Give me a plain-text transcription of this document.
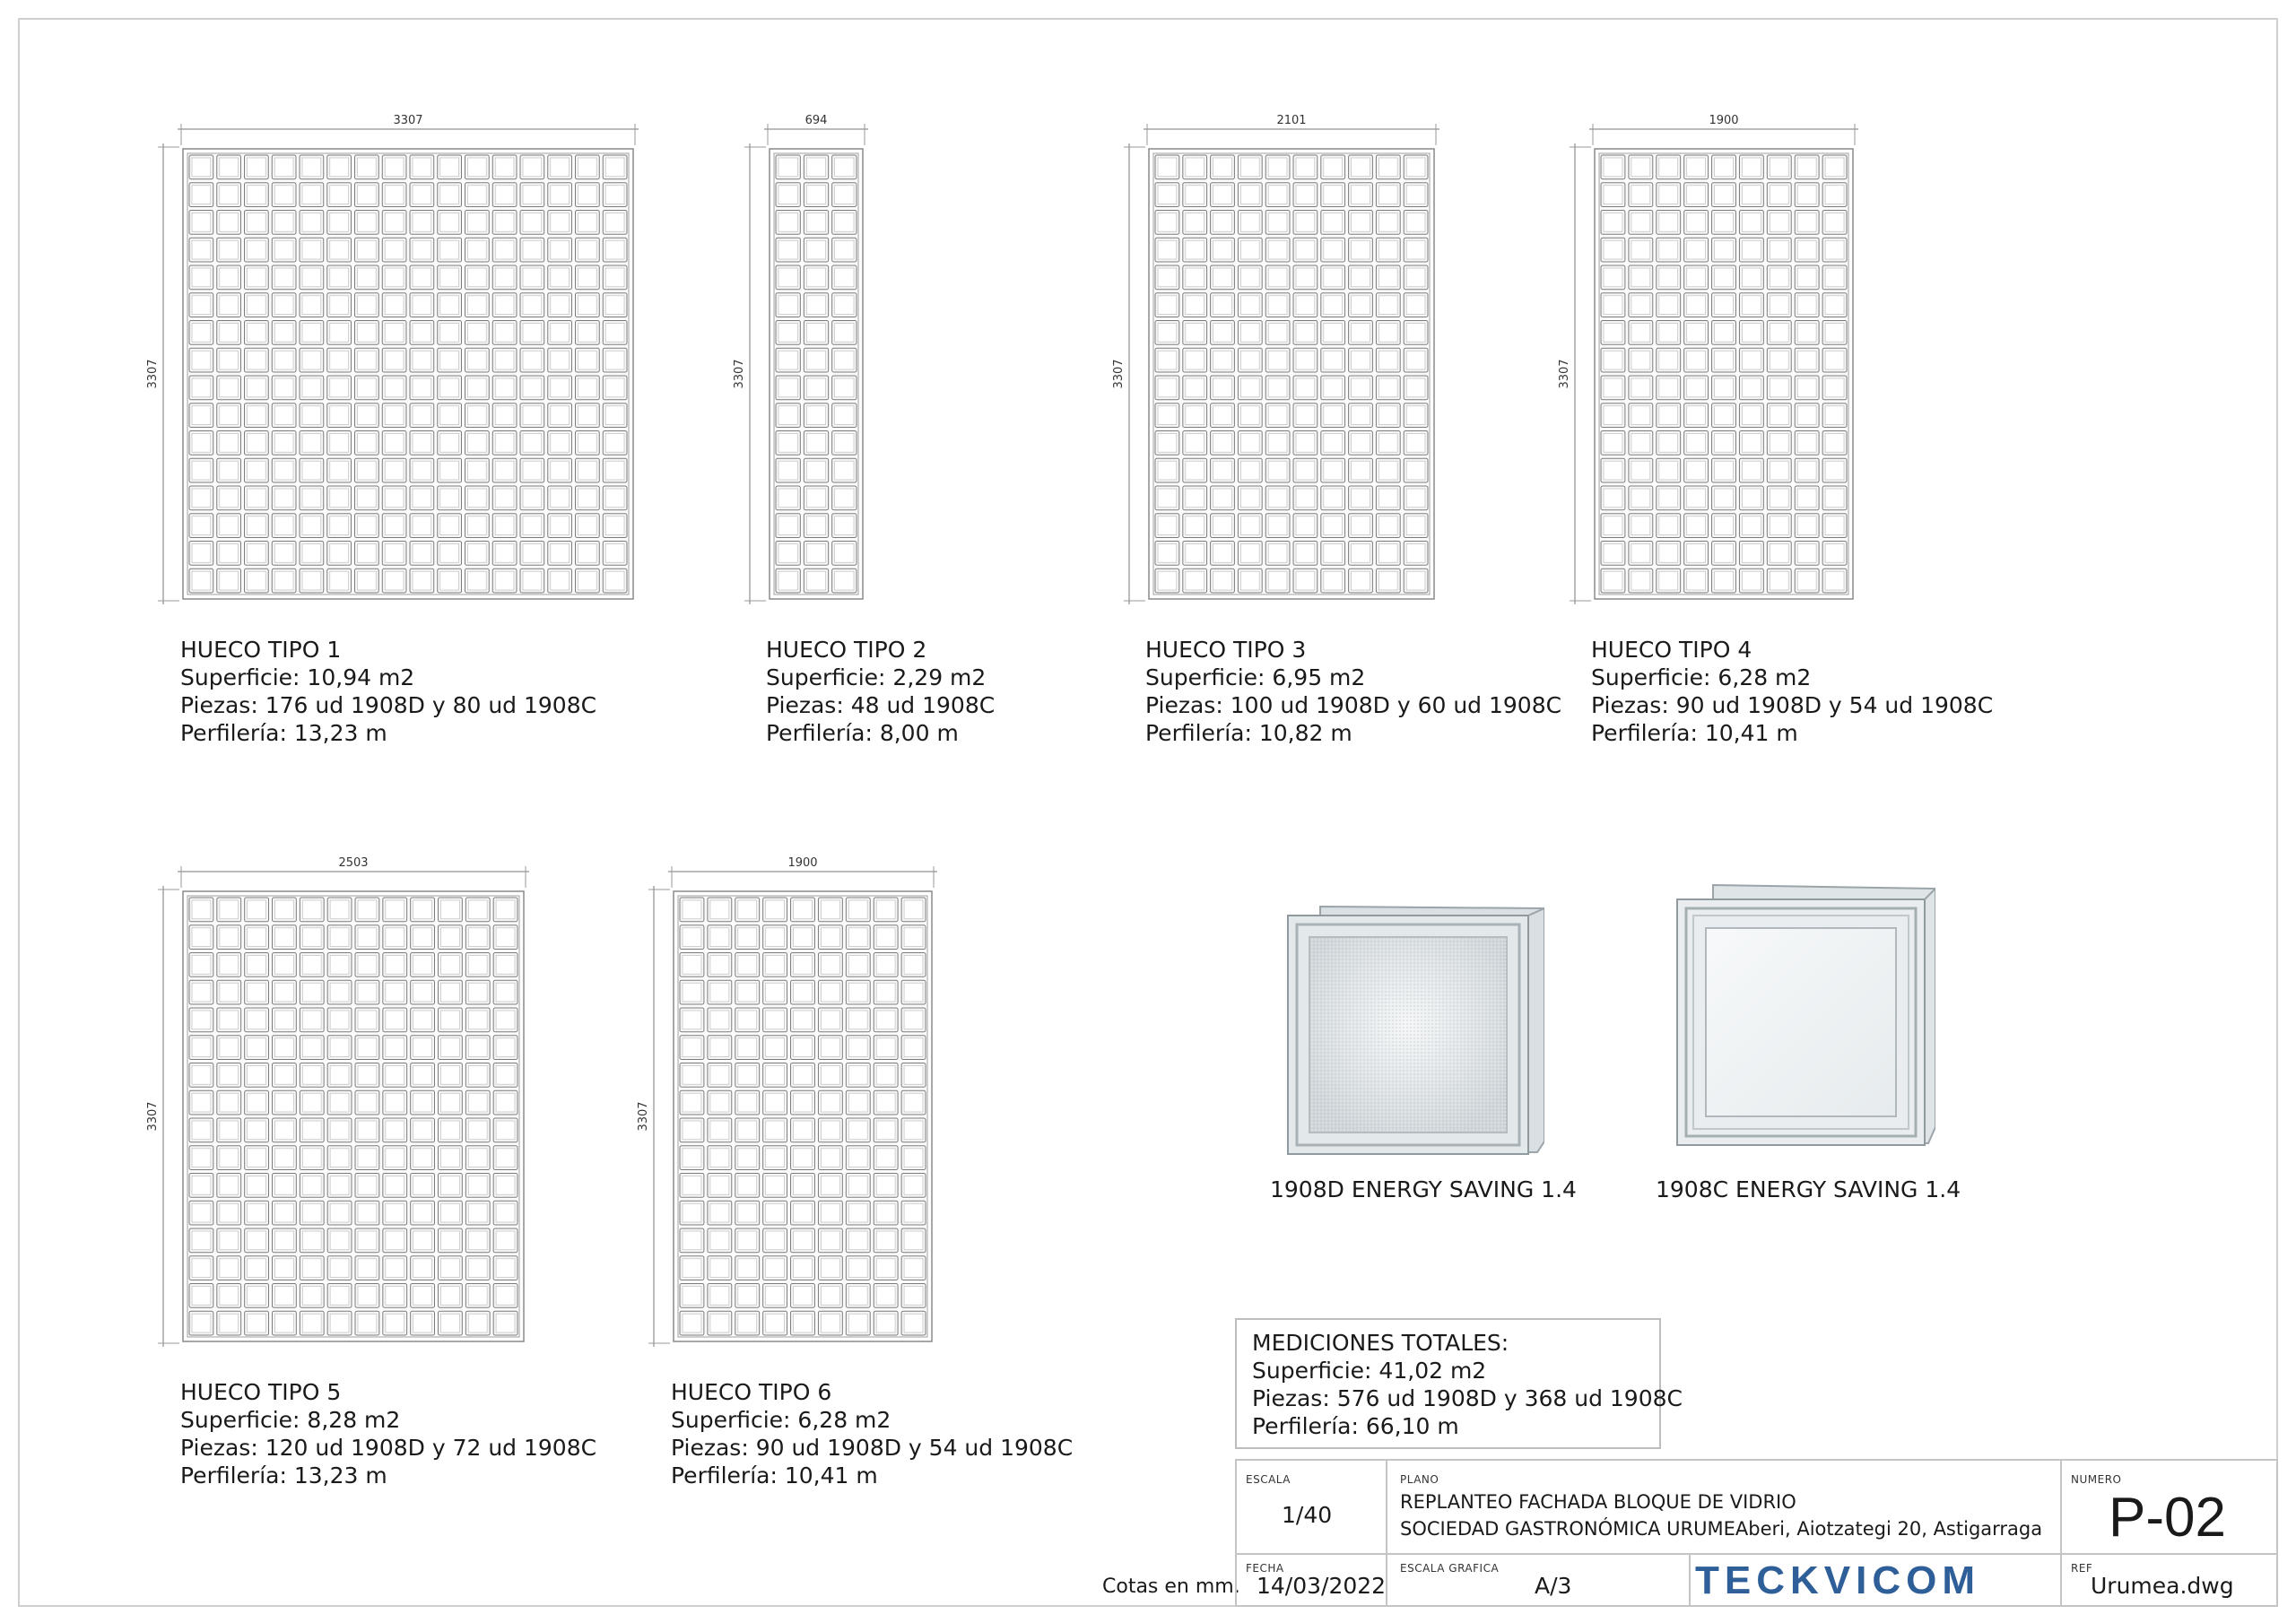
3307
3307
694
3307
2101
3307
1900
3307
2503
3307
1900
3307
HUECO TIPO 1
Superficie: 10,94 m2
Piezas: 176 ud 1908D y 80 ud 1908C
Perfilería: 13,23 m
HUECO TIPO 2
Superficie: 2,29 m2
Piezas: 48 ud 1908C
Perfilería: 8,00 m
HUECO TIPO 3
Superficie: 6,95 m2
Piezas: 100 ud 1908D y 60 ud 1908C
Perfilería: 10,82 m
HUECO TIPO 4
Superficie: 6,28 m2
Piezas: 90 ud 1908D y 54 ud 1908C
Perfilería: 10,41 m
HUECO TIPO 5
Superficie: 8,28 m2
Piezas: 120 ud 1908D y 72 ud 1908C
Perfilería: 13,23 m
HUECO TIPO 6
Superficie: 6,28 m2
Piezas: 90 ud 1908D y 54 ud 1908C
Perfilería: 10,41 m
1908D ENERGY SAVING 1.4	1908C ENERGY SAVING 1.4
MEDICIONES TOTALES:
Superficie: 41,02 m2
Piezas: 576 ud 1908D y 368 ud 1908C
Perfilería: 66,10 m
Cotas en mm.
ESCALA
1/40
PLANO
REPLANTEO FACHADA BLOQUE DE VIDRIO
SOCIEDAD GASTRONÓMICA URUMEAberi, Aiotzategi 20, Astigarraga
NUMERO
P-02
FECHA
14/03/2022
ESCALA GRAFICA
A/3	TECKVICOM	REF
Urumea.dwg
